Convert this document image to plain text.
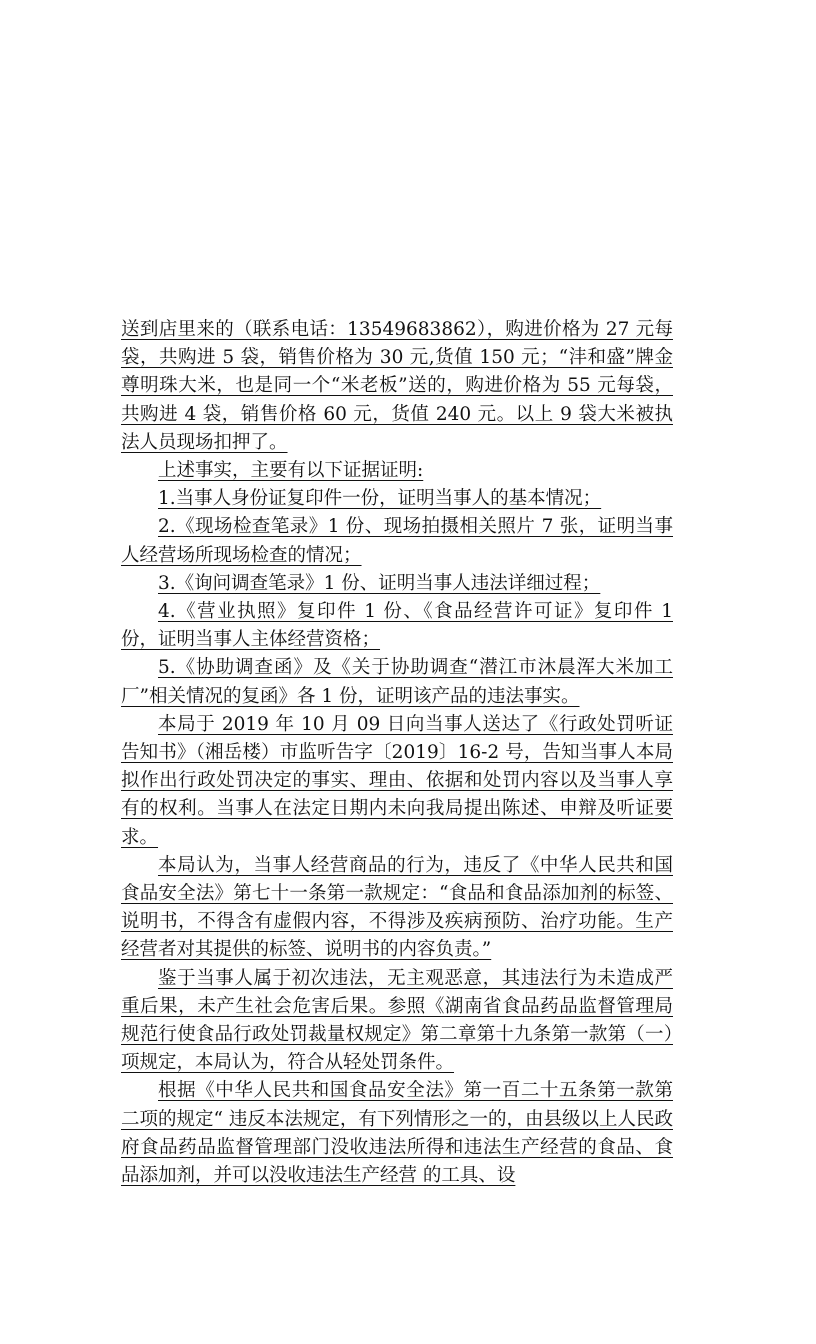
送到店里来的（联系电话：13549683862），购进价格为 27 元每袋，共购进 5 袋，销售价格为 30 元,货值 150 元；“沣和盛”牌金尊明珠大米，也是同一个“米老板”送的，购进价格为 55 元每袋，共购进 4 袋，销售价格 60 元，货值 240 元。以上 9 袋大米被执法人员现场扣押了。

上述事实，主要有以下证据证明:

1.当事人身份证复印件一份，证明当事人的基本情况；

2.《现场检查笔录》1 份、现场拍摄相关照片 7 张，证明当事人经营场所现场检查的情况；

3.《询问调查笔录》1 份、证明当事人违法详细过程；

4.《营业执照》复印件 1 份、《食品经营许可证》复印件 1 份，证明当事人主体经营资格；

5.《协助调查函》及《关于协助调查“潜江市沐晨浑大米加工厂”相关情况的复函》各 1 份，证明该产品的违法事实。

本局于 2019 年 10 月 09 日向当事人送达了《行政处罚听证告知书》（湘岳楼）市监听告字〔2019〕16-2 号，告知当事人本局拟作出行政处罚决定的事实、理由、依据和处罚内容以及当事人享有的权利。当事人在法定日期内未向我局提出陈述、申辩及听证要求。

本局认为，当事人经营商品的行为，违反了《中华人民共和国食品安全法》第七十一条第一款规定：“食品和食品添加剂的标签、说明书，不得含有虚假内容，不得涉及疾病预防、治疗功能。生产经营者对其提供的标签、说明书的内容负责。”

鉴于当事人属于初次违法，无主观恶意，其违法行为未造成严重后果，未产生社会危害后果。参照《湖南省食品药品监督管理局规范行使食品行政处罚裁量权规定》第二章第十九条第一款第（一）项规定，本局认为，符合从轻处罚条件。

根据《中华人民共和国食品安全法》第一百二十五条第一款第二项的规定“ 违反本法规定，有下列情形之一的，由县级以上人民政府食品药品监督管理部门没收违法所得和违法生产经营的食品、食品添加剂，并可以没收违法生产经营 的工具、设
